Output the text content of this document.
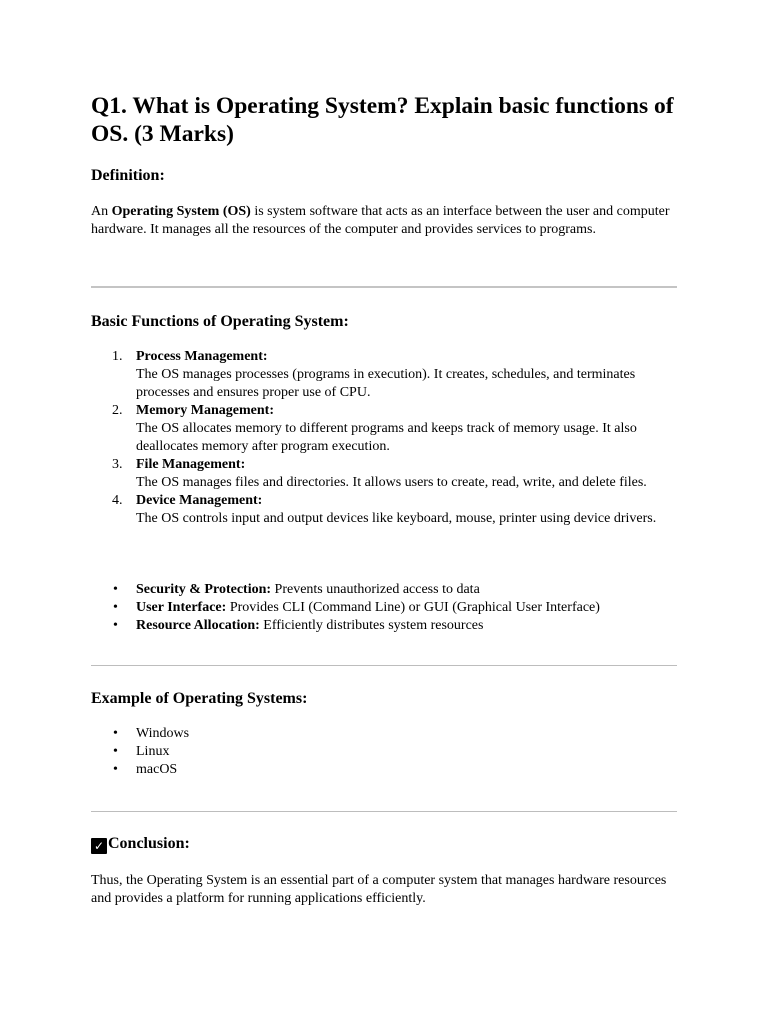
Q1. What is Operating System? Explain basic functions of OS. (3 Marks)
Definition:

An Operating System (OS) is system software that acts as an interface between the user and computer hardware. It manages all the resources of the computer and provides services to programs.

Basic Functions of Operating System:
1. Process Management:
The OS manages processes (programs in execution). It creates, schedules, and terminates processes and ensures proper use of CPU.
2. Memory Management:
The OS allocates memory to different programs and keeps track of memory usage. It also deallocates memory after program execution.
3. File Management:
The OS manages files and directories. It allows users to create, read, write, and delete files.
4. Device Management:
The OS controls input and output devices like keyboard, mouse, printer using device drivers.
• Security & Protection: Prevents unauthorized access to data
• User Interface: Provides CLI (Command Line) or GUI (Graphical User Interface)
• Resource Allocation: Efficiently distributes system resources
Example of Operating Systems:
• Windows
• Linux
• macOS
✓ Conclusion:

Thus, the Operating System is an essential part of a computer system that manages hardware resources and provides a platform for running applications efficiently.
